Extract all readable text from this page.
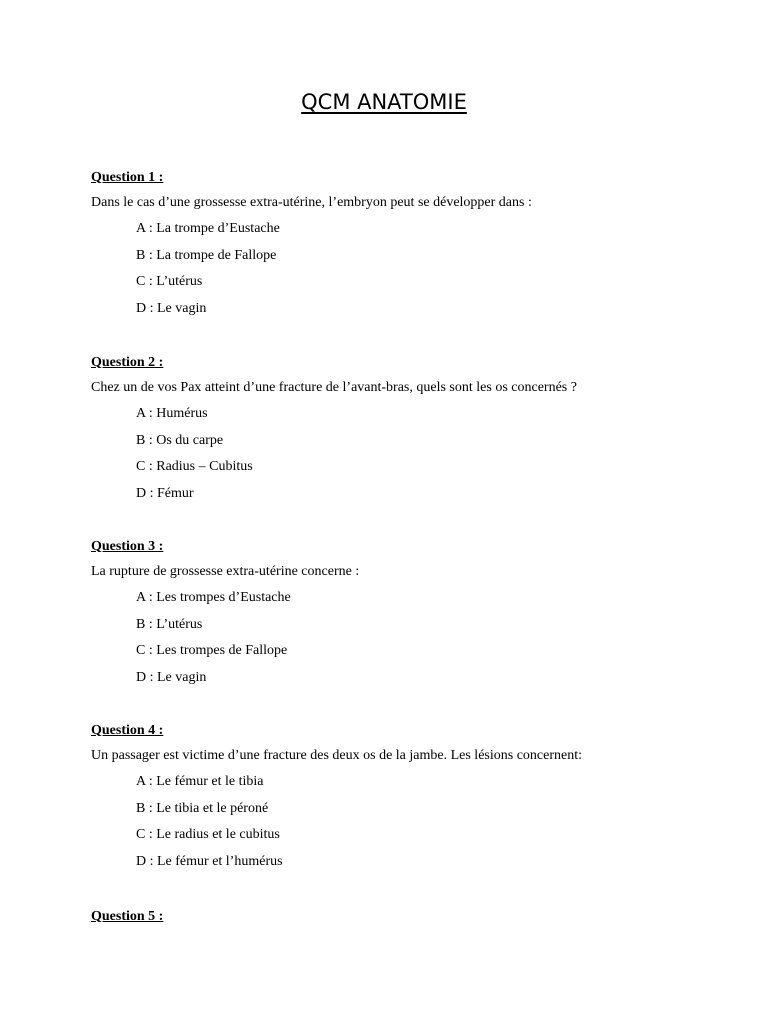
QCM ANATOMIE
Question 1 :
Dans le cas d’une grossesse extra-utérine, l’embryon peut se développer dans :
A : La trompe d’Eustache
B : La trompe de Fallope
C : L’utérus
D : Le vagin
Question 2 :
Chez un de vos Pax atteint d’une fracture de l’avant-bras, quels sont les os concernés ?
A : Humérus
B : Os du carpe
C : Radius – Cubitus
D : Fémur
Question 3 :
La rupture de grossesse extra-utérine concerne :
A : Les trompes d’Eustache
B : L’utérus
C : Les trompes de Fallope
D : Le vagin
Question 4 :
Un passager est victime d’une fracture des deux os de la jambe. Les lésions concernent:
A : Le fémur et le tibia
B : Le tibia et le péroné
C : Le radius et le cubitus
D : Le fémur et l’humérus
Question 5 :
